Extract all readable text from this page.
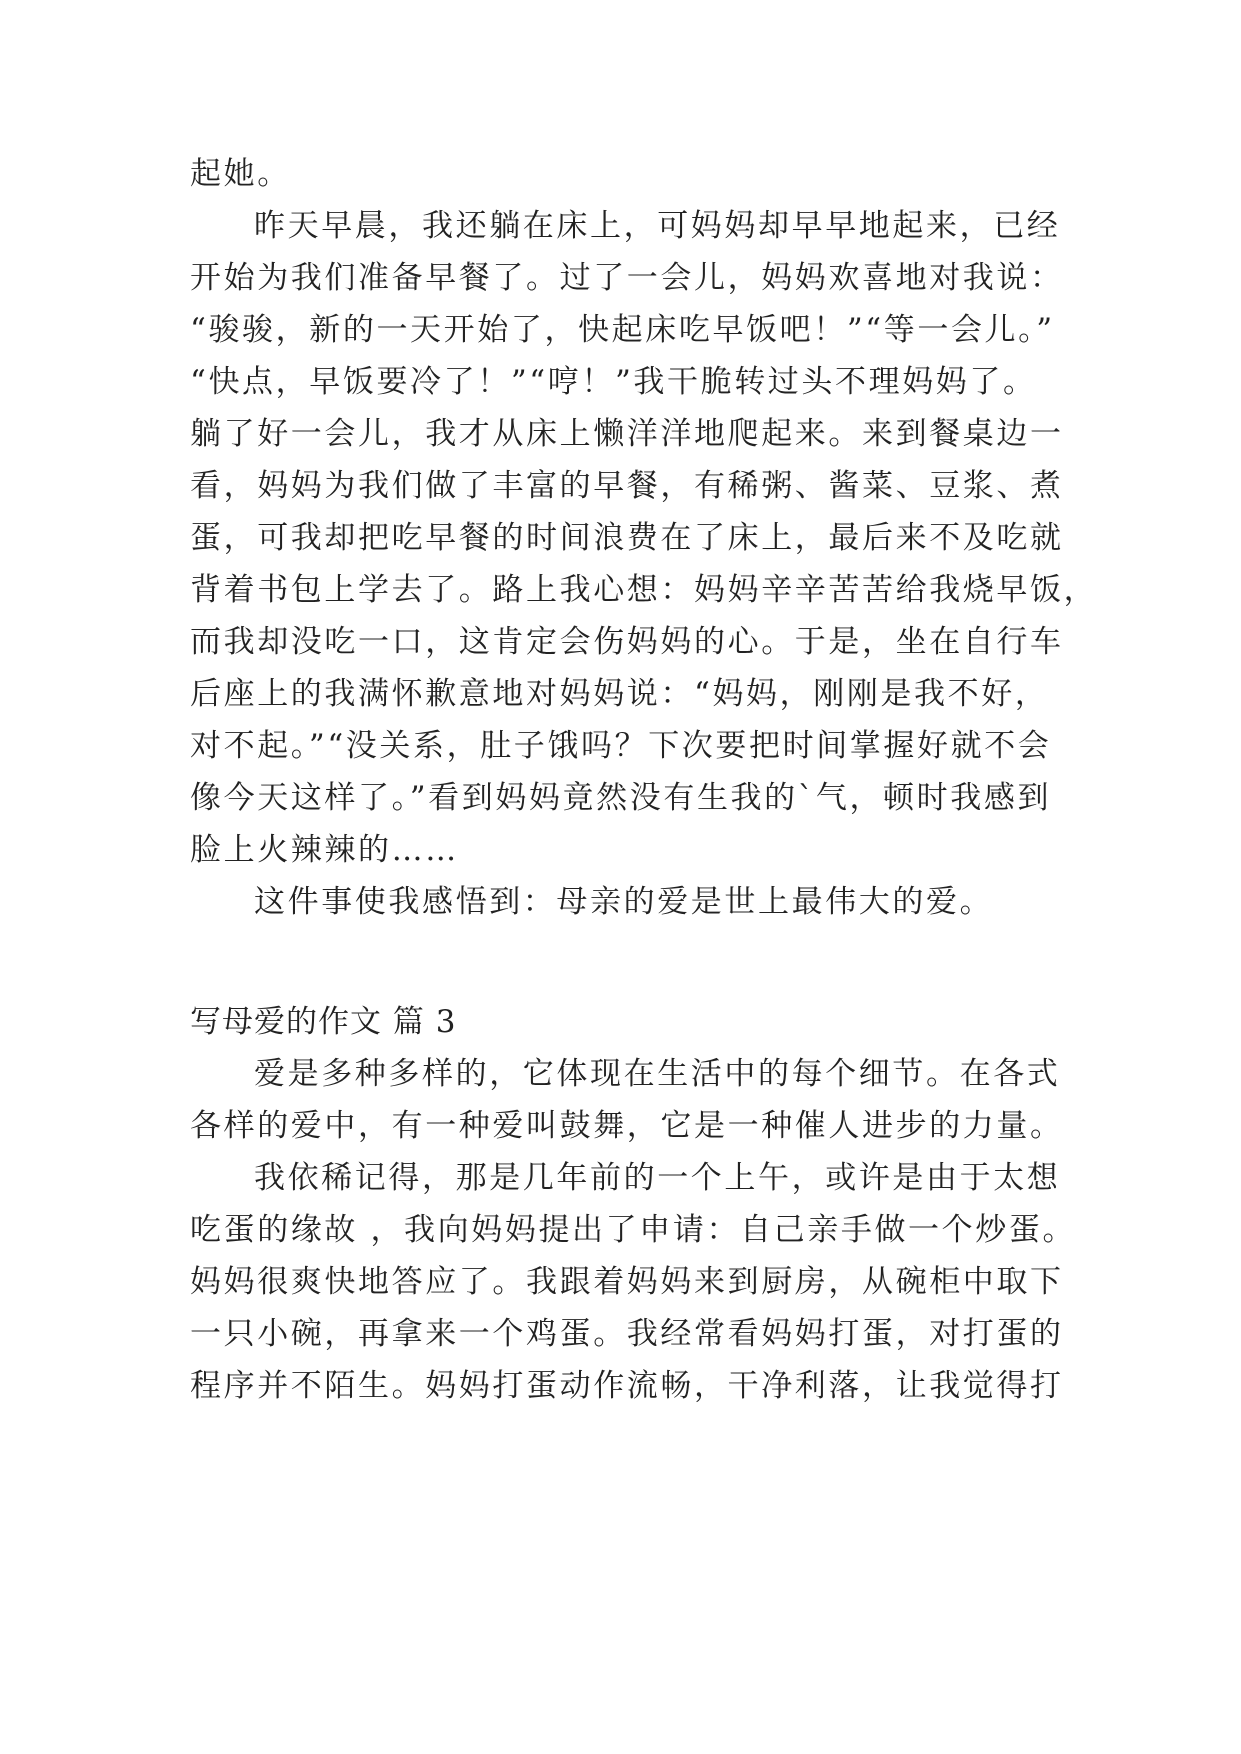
起她。
昨天早晨，我还躺在床上，可妈妈却早早地起来，已经
开始为我们准备早餐了。过了一会儿，妈妈欢喜地对我说：
“骏骏，新的一天开始了，快起床吃早饭吧！”“等一会儿。”
“快点，早饭要冷了！”“哼！”我干脆转过头不理妈妈了。
躺了好一会儿，我才从床上懒洋洋地爬起来。来到餐桌边一
看，妈妈为我们做了丰富的早餐，有稀粥、酱菜、豆浆、煮
蛋，可我却把吃早餐的时间浪费在了床上，最后来不及吃就
背着书包上学去了。路上我心想：妈妈辛辛苦苦给我烧早饭，
而我却没吃一口，这肯定会伤妈妈的心。于是，坐在自行车
后座上的我满怀歉意地对妈妈说：“妈妈，刚刚是我不好，
对不起。”“没关系，肚子饿吗？下次要把时间掌握好就不会
像今天这样了。”看到妈妈竟然没有生我的`气，顿时我感到
脸上火辣辣的……
这件事使我感悟到：母亲的爱是世上最伟大的爱。
写母爱的作文 篇 3
爱是多种多样的，它体现在生活中的每个细节。在各式
各样的爱中，有一种爱叫鼓舞，它是一种催人进步的力量。
我依稀记得，那是几年前的一个上午，或许是由于太想
吃蛋的缘故 ，我向妈妈提出了申请：自己亲手做一个炒蛋。
妈妈很爽快地答应了。我跟着妈妈来到厨房，从碗柜中取下
一只小碗，再拿来一个鸡蛋。我经常看妈妈打蛋，对打蛋的
程序并不陌生。妈妈打蛋动作流畅，干净利落，让我觉得打
